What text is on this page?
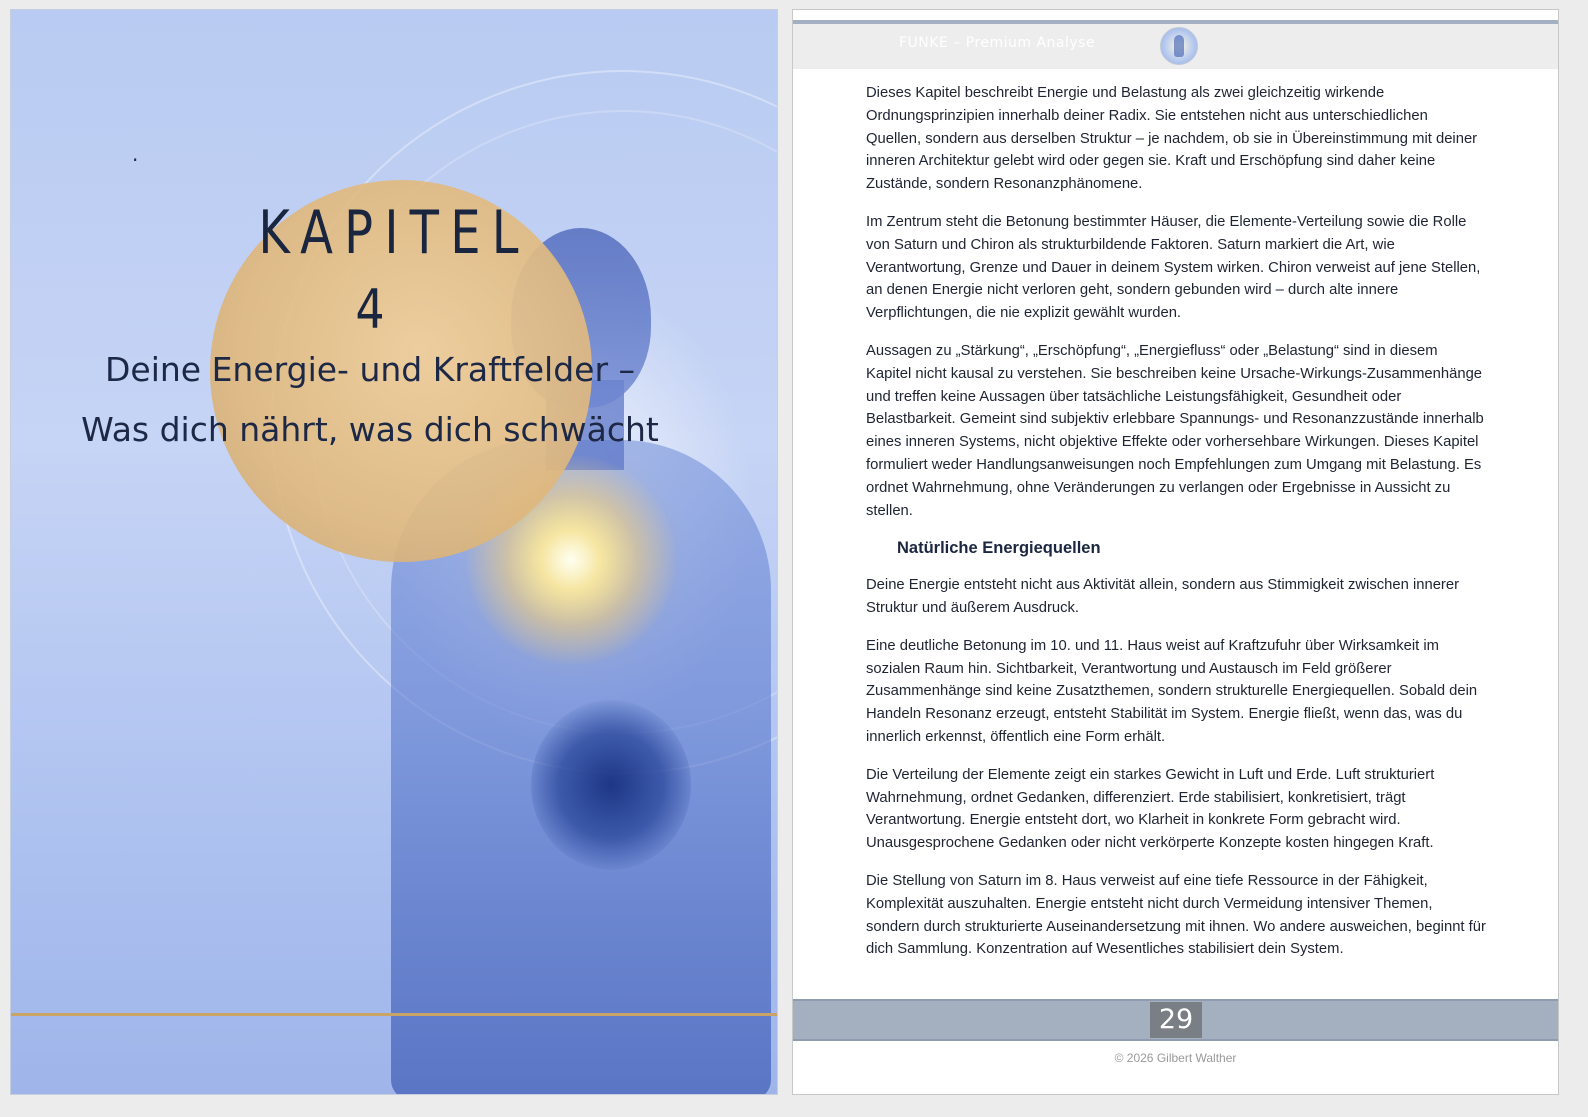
.
KAPITEL
4
Deine Energie- und Kraftfelder –
Was dich nährt, was dich schwächt
FUNKE – Premium Analyse

Dieses Kapitel beschreibt Energie und Belastung als zwei gleichzeitig wirkende Ordnungsprinzipien innerhalb deiner Radix. Sie entstehen nicht aus unterschiedlichen Quellen, sondern aus derselben Struktur – je nachdem, ob sie in Übereinstimmung mit deiner inneren Architektur gelebt wird oder gegen sie. Kraft und Erschöpfung sind daher keine Zustände, sondern Resonanzphänomene.

Im Zentrum steht die Betonung bestimmter Häuser, die Elemente-Verteilung sowie die Rolle von Saturn und Chiron als strukturbildende Faktoren. Saturn markiert die Art, wie Verantwortung, Grenze und Dauer in deinem System wirken. Chiron verweist auf jene Stellen, an denen Energie nicht verloren geht, sondern gebunden wird – durch alte innere Verpflichtungen, die nie explizit gewählt wurden.

Aussagen zu „Stärkung“, „Erschöpfung“, „Energiefluss“ oder „Belastung“ sind in diesem Kapitel nicht kausal zu verstehen. Sie beschreiben keine Ursache-Wirkungs-Zusammenhänge und treffen keine Aussagen über tatsächliche Leistungsfähigkeit, Gesundheit oder Belastbarkeit. Gemeint sind subjektiv erlebbare Spannungs- und Resonanzzustände innerhalb eines inneren Systems, nicht objektive Effekte oder vorhersehbare Wirkungen. Dieses Kapitel formuliert weder Handlungsanweisungen noch Empfehlungen zum Umgang mit Belastung. Es ordnet Wahrnehmung, ohne Veränderungen zu verlangen oder Ergebnisse in Aussicht zu stellen.

Natürliche Energiequellen

Deine Energie entsteht nicht aus Aktivität allein, sondern aus Stimmigkeit zwischen innerer Struktur und äußerem Ausdruck.

Eine deutliche Betonung im 10. und 11. Haus weist auf Kraftzufuhr über Wirksamkeit im sozialen Raum hin. Sichtbarkeit, Verantwortung und Austausch im Feld größerer Zusammenhänge sind keine Zusatzthemen, sondern strukturelle Energiequellen. Sobald dein Handeln Resonanz erzeugt, entsteht Stabilität im System. Energie fließt, wenn das, was du innerlich erkennst, öffentlich eine Form erhält.

Die Verteilung der Elemente zeigt ein starkes Gewicht in Luft und Erde. Luft strukturiert Wahrnehmung, ordnet Gedanken, differenziert. Erde stabilisiert, konkretisiert, trägt Verantwortung. Energie entsteht dort, wo Klarheit in konkrete Form gebracht wird. Unausgesprochene Gedanken oder nicht verkörperte Konzepte kosten hingegen Kraft.

Die Stellung von Saturn im 8. Haus verweist auf eine tiefe Ressource in der Fähigkeit, Komplexität auszuhalten. Energie entsteht nicht durch Vermeidung intensiver Themen, sondern durch strukturierte Auseinandersetzung mit ihnen. Wo andere ausweichen, beginnt für dich Sammlung. Konzentration auf Wesentliches stabilisiert dein System.

29
© 2026 Gilbert Walther
